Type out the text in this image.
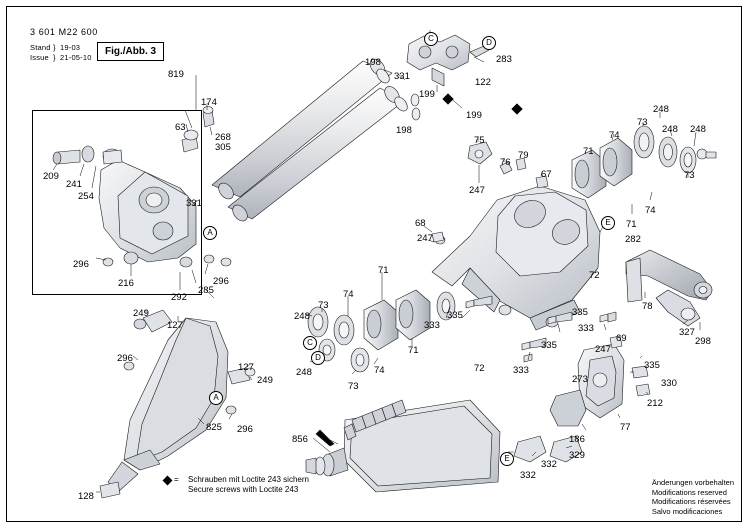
3 601 M22 600
Stand
Issue
}
}
19-03
21-05-10
Fig./Abb. 3
819
198
331
199
199
122
283
198
174
63
268
305
209
241
254
331
296
216	296
285
292
249
127
296
127
249
296
825
128
856
248
73
248
73
74
74
71
71
335
333
72	333
335
333
335
69
247
247
247
68
75
76
79
67
71
74
73
248
248 248
73
74
71
282
72
78
327
298
330
335
212
77
186
273
329
332
332
C	D
A
A
E
C
D
E
= Schrauben mit Loctite 243 sichern
Secure screws with Loctite 243
Änderungen vorbehalten
Modifications reserved
Modifications réservées
Salvo modificaciones
